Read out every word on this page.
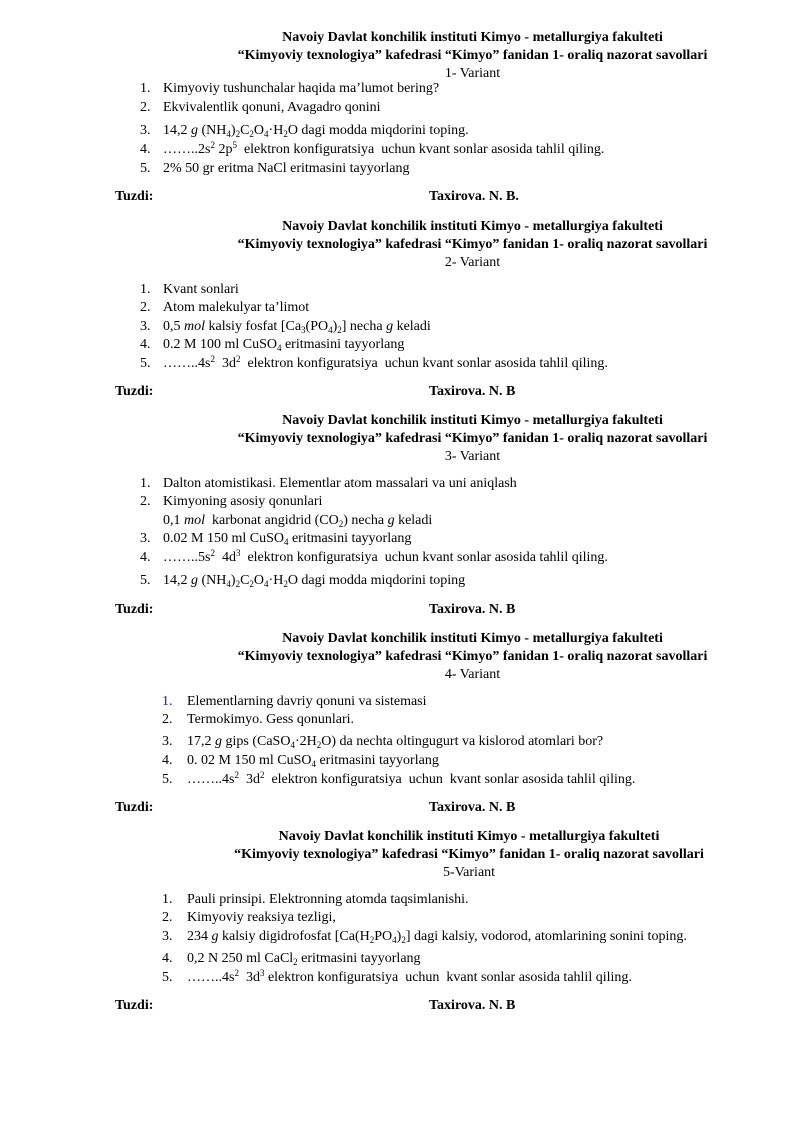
Navoiy Davlat konchilik instituti Kimyo - metallurgiya fakulteti
“Kimyoviy texnologiya” kafedrasi “Kimyo” fanidan 1- oraliq nazorat savollari
1- Variant
1. Kimyoviy tushunchalar haqida ma’lumot bering?
2. Ekvivalentlik qonuni, Avagadro qonini
3. 14,2 g $(NH_4)_2C_2O_4\cdot H_2O$ dagi modda miqdorini toping.
4. $\dots\dots..2s^2$ $2p^5$  elektron konfiguratsiya  uchun kvant sonlar asosida tahlil qiling.
5. 2% 50 gr eritma NaCl eritmasini tayyorlang
Tuzdi:	Taxirova. N. B.
Navoiy Davlat konchilik instituti Kimyo - metallurgiya fakulteti
“Kimyoviy texnologiya” kafedrasi “Kimyo” fanidan 1- oraliq nazorat savollari
2- Variant
1. Kvant sonlari
2. Atom malekulyar ta’limot
3. 0,5 mol kalsiy fosfat $[Ca_3(PO_4)_2]$ necha g keladi
4. 0.2 M 100 ml CuSO$_4$ eritmasini tayyorlang
5. $\dots\dots..4s^2$  $3d^2$  elektron konfiguratsiya  uchun kvant sonlar asosida tahlil qiling.
Tuzdi:	Taxirova. N. B
Navoiy Davlat konchilik instituti Kimyo - metallurgiya fakulteti
“Kimyoviy texnologiya” kafedrasi “Kimyo” fanidan 1- oraliq nazorat savollari
3- Variant
1. Dalton atomistikasi. Elementlar atom massalari va uni aniqlash
2. Kimyoning asosiy qonunlari
0,1 mol  karbonat angidrid $(CO_2)$ necha g keladi
3. 0.02 M 150 ml CuSO$_4$ eritmasini tayyorlang
4. $\dots\dots..5s^2$  $4d^3$  elektron konfiguratsiya  uchun kvant sonlar asosida tahlil qiling.
5. 14,2 g $(NH_4)_2C_2O_4\cdot H_2O$ dagi modda miqdorini toping
Tuzdi:	Taxirova. N. B
Navoiy Davlat konchilik instituti Kimyo - metallurgiya fakulteti
“Kimyoviy texnologiya” kafedrasi “Kimyo” fanidan 1- oraliq nazorat savollari
4- Variant
1. Elementlarning davriy qonuni va sistemasi
2. Termokimyo. Gess qonunlari.
3. 17,2 g gips $(CaSO_4\cdot 2H_2O)$ da nechta oltingugurt va kislorod atomlari bor?
4. 0. 02 M 150 ml CuSO$_4$ eritmasini tayyorlang
5. $\dots\dots..4s^2$  $3d^2$  elektron konfiguratsiya  uchun  kvant sonlar asosida tahlil qiling.
Tuzdi:	Taxirova. N. B
Navoiy Davlat konchilik instituti Kimyo - metallurgiya fakulteti
“Kimyoviy texnologiya” kafedrasi “Kimyo” fanidan 1- oraliq nazorat savollari
5-Variant
1. Pauli prinsipi. Elektronning atomda taqsimlanishi.
2. Kimyoviy reaksiya tezligi,
3. 234 g kalsiy digidrofosfat $[Ca(H_2PO_4)_2]$ dagi kalsiy, vodorod, atomlarining sonini toping.
4. 0,2 N 250 ml CaCl$_2$ eritmasini tayyorlang
5. $\dots\dots..4s^2$  $3d^3$ elektron konfiguratsiya  uchun  kvant sonlar asosida tahlil qiling.
Tuzdi:	Taxirova. N. B
